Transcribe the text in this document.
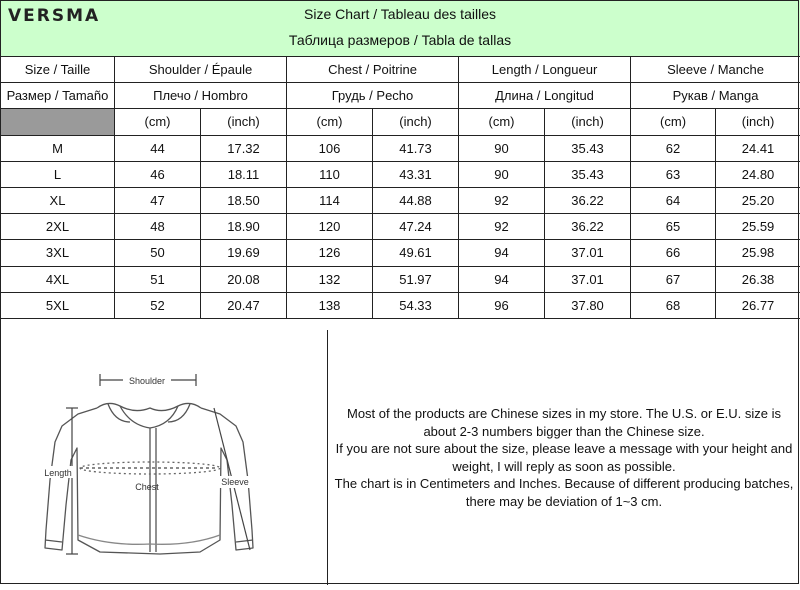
VERSMA	Size Chart / Tableau des tailles
Таблица размеров / Tabla de tallas
Size / Taille	Shoulder / Épaule		Chest / Poitrine		Length / Longueur		Sleeve / Manche	
Размер / Tamaño	Плечо / Hombro		Грудь / Pecho		Длина / Longitud		Рукав / Manga	
	(cm)	(inch)	(cm)	(inch)	(cm)	(inch)	(cm)	(inch)
M	44	17.32	106	41.73	90	35.43	62	24.41
L	46	18.11	110	43.31	90	35.43	63	24.80
XL	47	18.50	114	44.88	92	36.22	64	25.20
2XL	48	18.90	120	47.24	92	36.22	65	25.59
3XL	50	19.69	126	49.61	94	37.01	66	25.98
4XL	51	20.08	132	51.97	94	37.01	67	26.38
5XL	52	20.47	138	54.33	96	37.80	68	26.77
Shoulder
Length
Chest	Sleeve

Most of the products are Chinese sizes in my store. The U.S. or E.U. size is about 2-3 numbers bigger than the Chinese size.

If you are not sure about the size, please leave a message with your height and weight, I will reply as soon as possible.

The chart is in Centimeters and Inches. Because of different producing batches, there may be deviation of 1~3 cm.
